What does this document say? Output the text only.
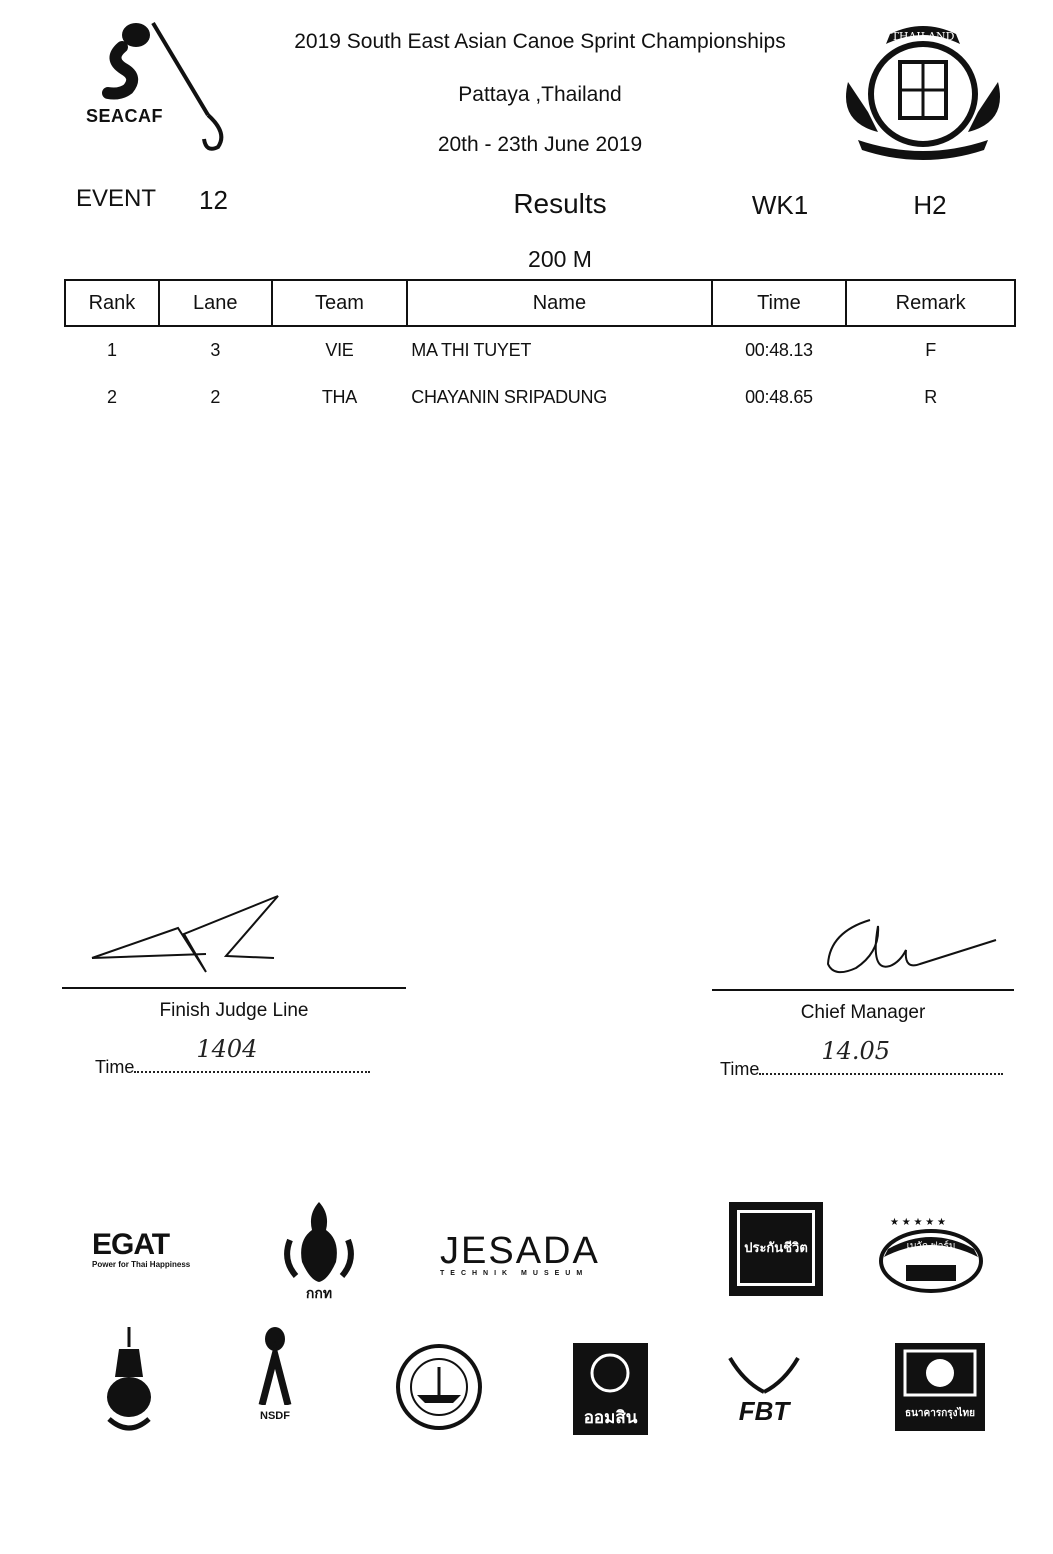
SEACAF
2019 South East Asian Canoe Sprint Championships
Pattaya ,Thailand
20th - 23th June 2019
THAILAND
EVENT 12	Results	WK1	H2
200 M
Rank	Lane	Team	Name	Time	Remark
1	3	VIE	MA THI TUYET	00:48.13	F
2	2	THA	CHAYANIN SRIPADUNG	00:48.65	R
Finish Judge Line	Chief Manager
Time
1404
Time
14.05
EGAT
Power for Thai Happiness
กกท
JESADA
TECHNIK MUSEUM
ประกันชีวิต
★ ★ ★ ★ ★
เบาัก ฟาร์ม
NSDF	ออมสิน	FBT	ธนาคารกรุงไทย
